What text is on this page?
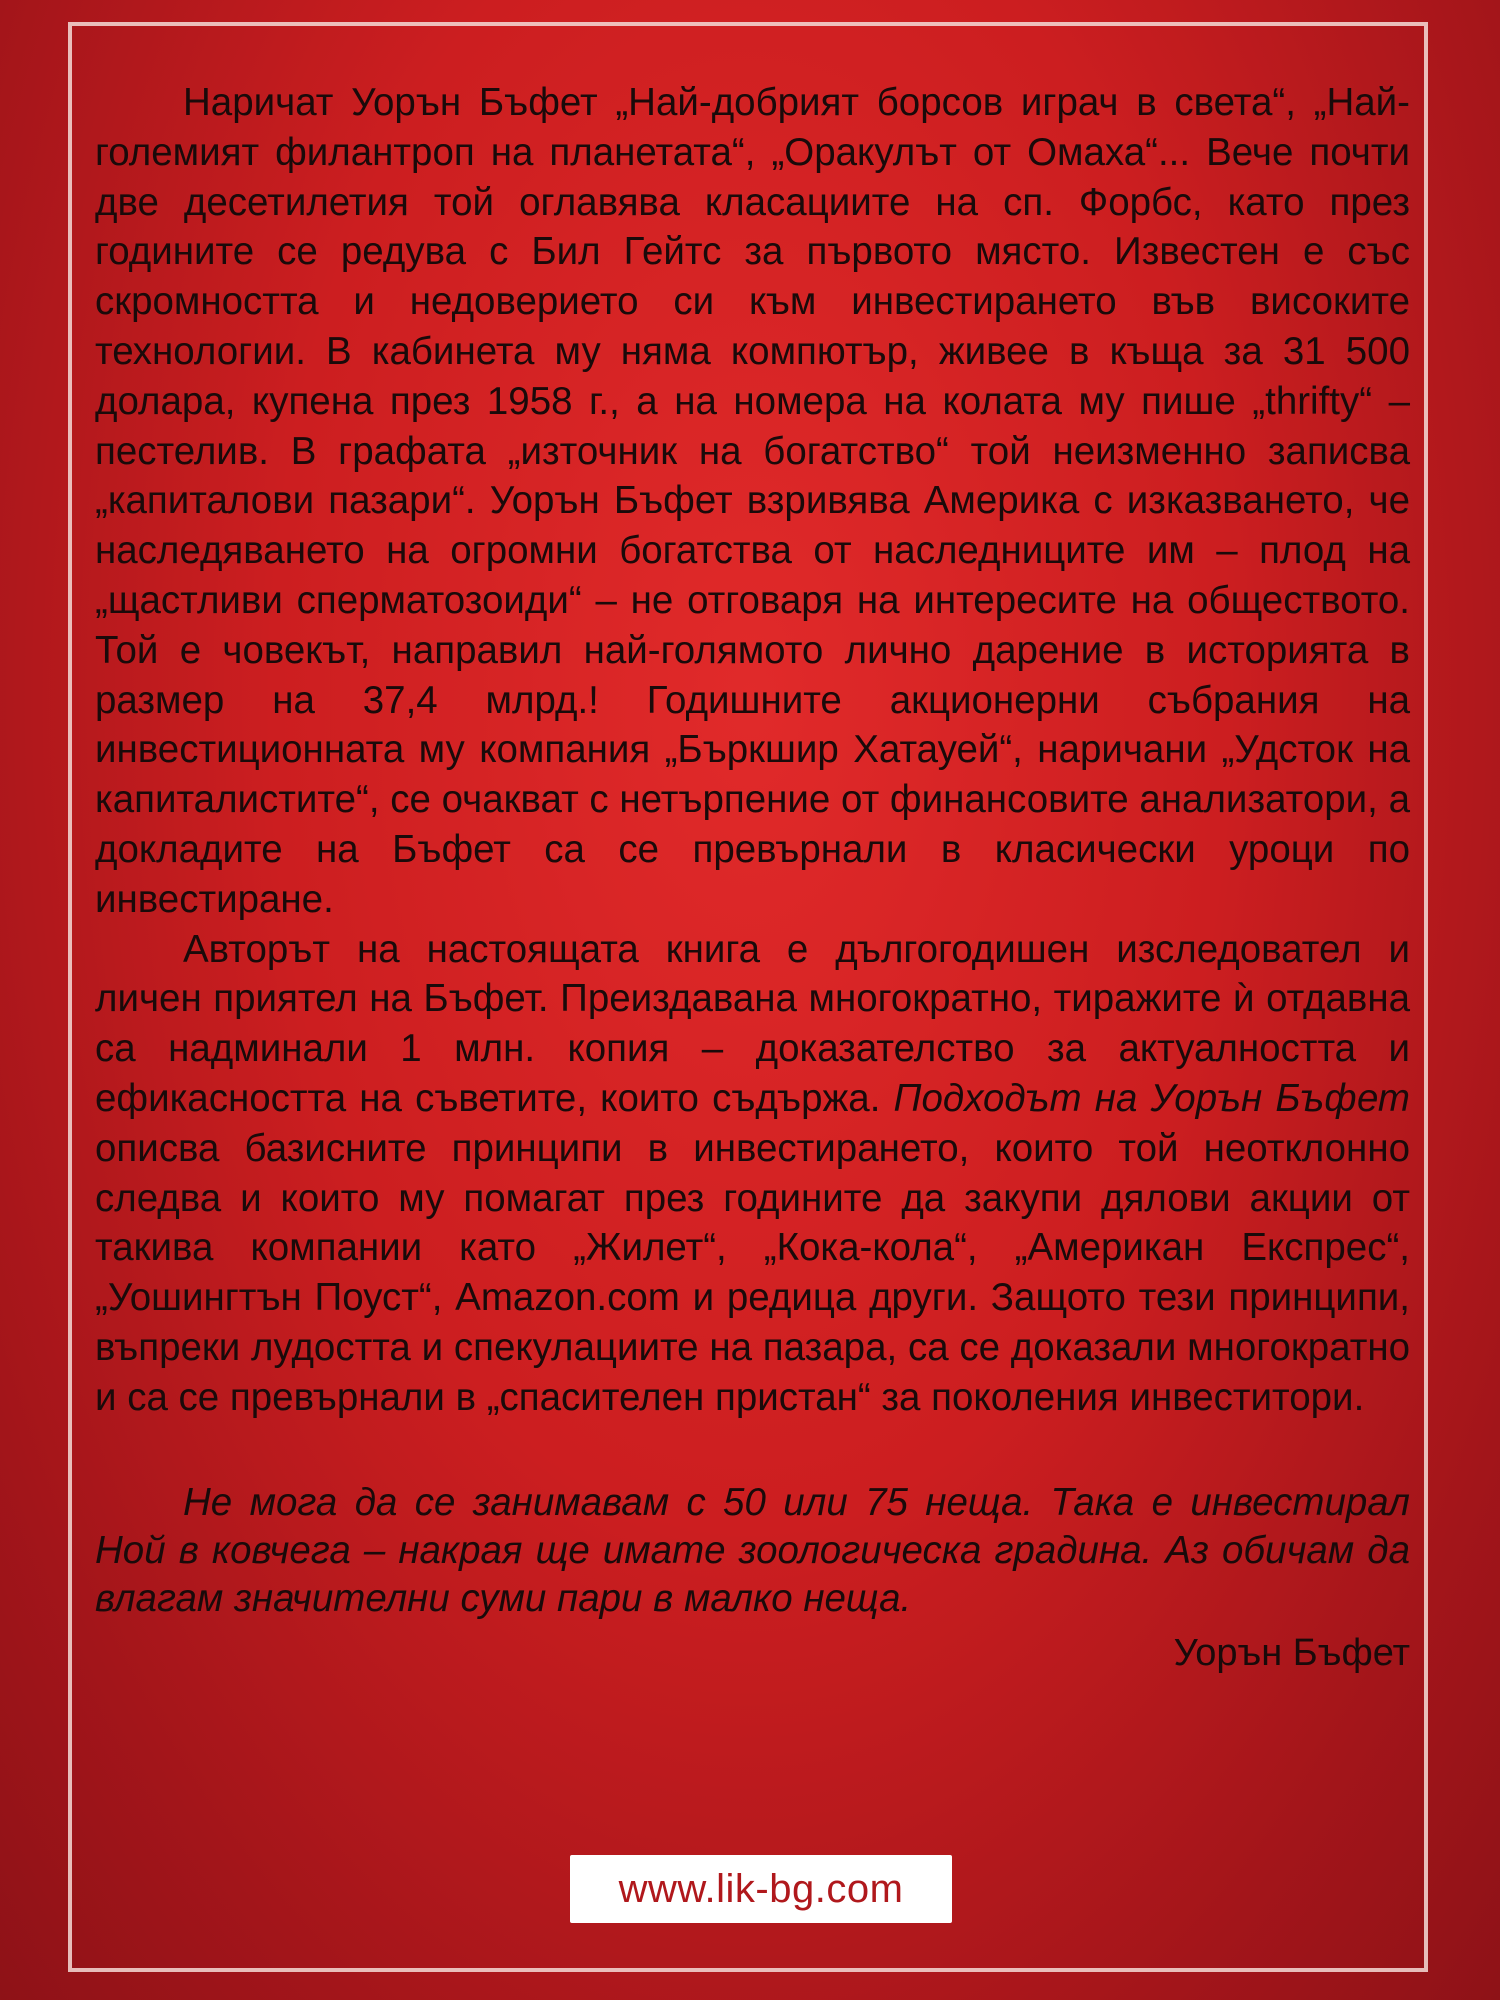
Наричат Уорън Бъфет „Най-добрият борсов играч в света“, „Най-големият филантроп на планетата“, „Оракулът от Омаха“... Вече почти две десетилетия той оглавява класациите на сп. Форбс, като през годините се редува с Бил Гейтс за първото място. Известен е със скромността и недоверието си към инвестирането във високите технологии. В кабинета му няма компютър, живее в къща за 31 500 долара, купена през 1958 г., а на номера на колата му пише „thrifty“ – пестелив. В графата „източник на богатство“ той неизменно записва „капиталови пазари“. Уорън Бъфет взривява Америка с изказването, че наследяването на огромни богатства от наследниците им – плод на „щастливи сперматозоиди“ – не отговаря на интересите на обществото. Той е човекът, направил най-голямото лично дарение в историята в размер на 37,4 млрд.! Годишните акционерни събрания на инвестиционната му компания „Бъркшир Хатауей“, наричани „Удсток на капиталистите“, се очакват с нетърпение от финансовите анализатори, а докладите на Бъфет са се превърнали в класически уроци по инвестиране.

Авторът на настоящата книга е дългогодишен изследовател и личен приятел на Бъфет. Преиздавана многократно, тиражите ѝ отдавна са надминали 1 млн. копия – доказателство за актуалността и ефикасността на съветите, които съдържа. Подходът на Уорън Бъфет описва базисните принципи в инвестирането, които той неотклонно следва и които му помагат през годините да закупи дялови акции от такива компании като „Жилет“, „Кока-кола“, „Американ Експрес“, „Уошингтън Поуст“, Amazon.com и редица други. Защото тези принципи, въпреки лудостта и спекулациите на пазара, са се доказали многократно и са се превърнали в „спасителен пристан“ за поколения инвеститори.

Не мога да се занимавам с 50 или 75 неща. Така е инвестирал Ной в ковчега – накрая ще имате зоологическа градина. Аз обичам да влагам значителни суми пари в малко неща.

Уорън Бъфет
www.lik-bg.com
